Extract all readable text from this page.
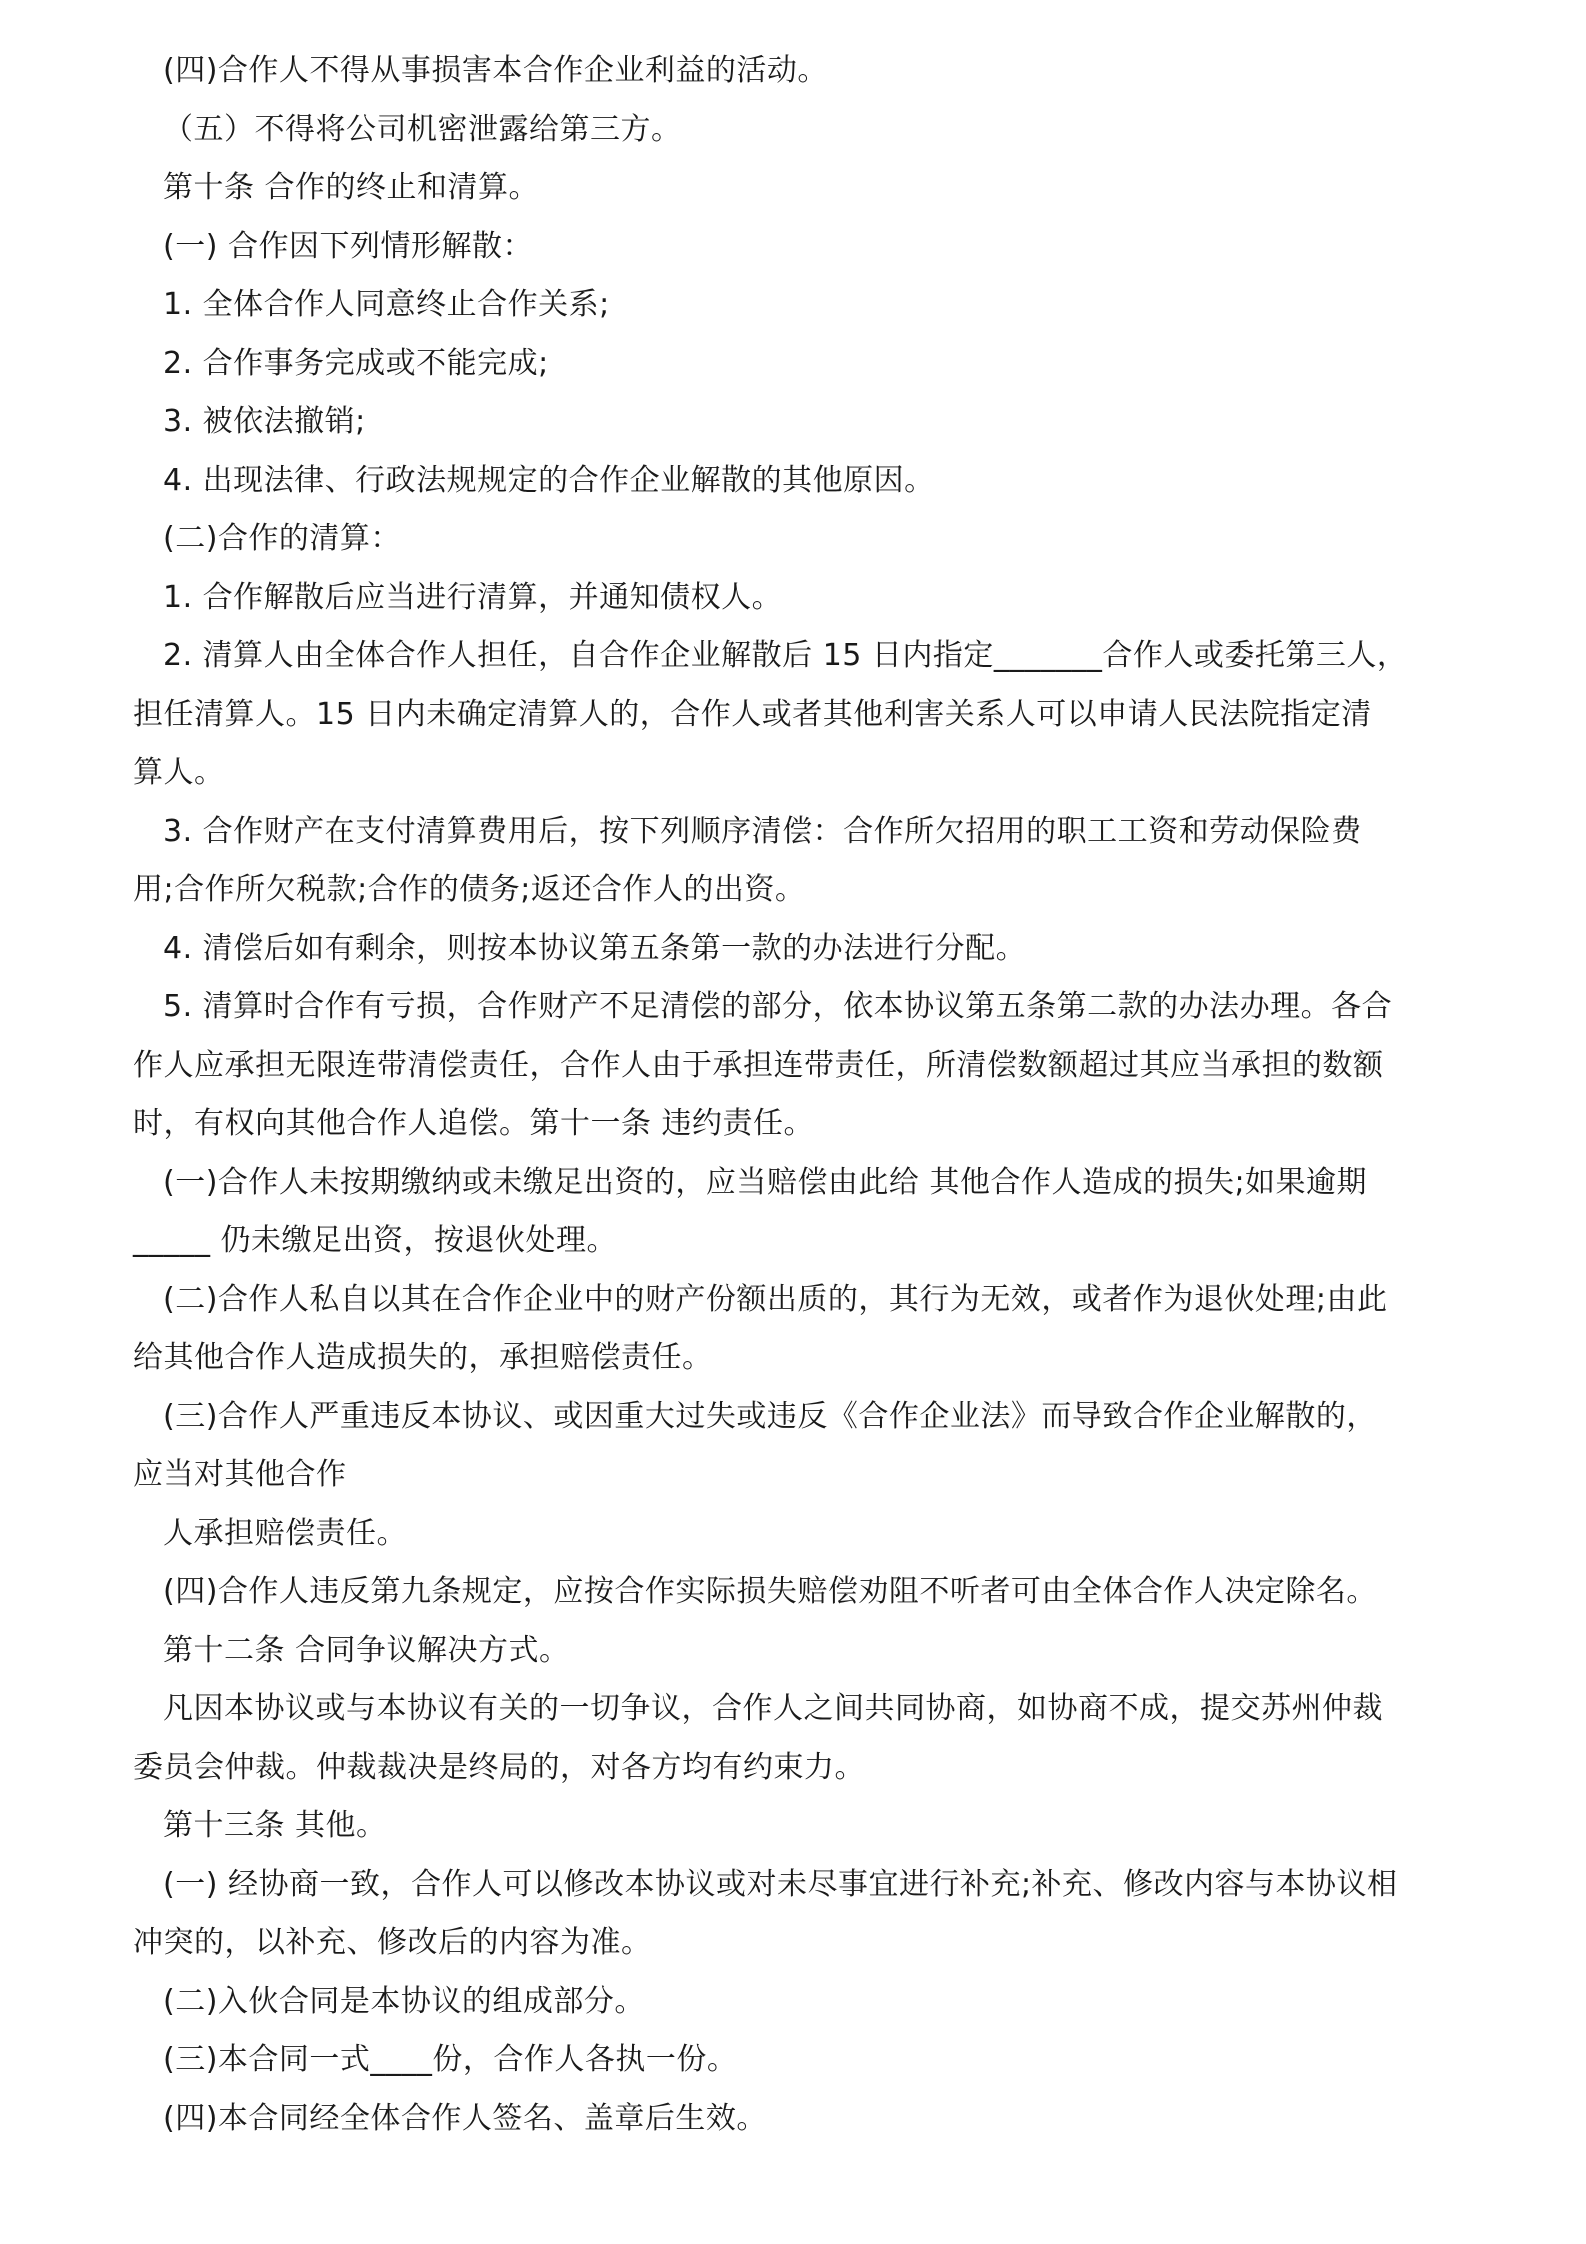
(四)合作人不得从事损害本合作企业利益的活动。

（五）不得将公司机密泄露给第三方。

第十条 合作的终止和清算。

(一) 合作因下列情形解散：

1. 全体合作人同意终止合作关系;

2. 合作事务完成或不能完成;

3. 被依法撤销;

4. 出现法律、行政法规规定的合作企业解散的其他原因。

(二)合作的清算：

1. 合作解散后应当进行清算，并通知债权人。

2. 清算人由全体合作人担任，自合作企业解散后 15 日内指定_______合作人或委托第三人，

担任清算人。15 日内未确定清算人的，合作人或者其他利害关系人可以申请人民法院指定清

算人。

3. 合作财产在支付清算费用后，按下列顺序清偿：合作所欠招用的职工工资和劳动保险费

用;合作所欠税款;合作的债务;返还合作人的出资。

4. 清偿后如有剩余，则按本协议第五条第一款的办法进行分配。

5. 清算时合作有亏损，合作财产不足清偿的部分，依本协议第五条第二款的办法办理。各合

作人应承担无限连带清偿责任，合作人由于承担连带责任，所清偿数额超过其应当承担的数额

时，有权向其他合作人追偿。第十一条 违约责任。

(一)合作人未按期缴纳或未缴足出资的，应当赔偿由此给 其他合作人造成的损失;如果逾期

_____ 仍未缴足出资，按退伙处理。

(二)合作人私自以其在合作企业中的财产份额出质的，其行为无效，或者作为退伙处理;由此

给其他合作人造成损失的，承担赔偿责任。

(三)合作人严重违反本协议、或因重大过失或违反《合作企业法》而导致合作企业解散的，

应当对其他合作

人承担赔偿责任。

(四)合作人违反第九条规定，应按合作实际损失赔偿劝阻不听者可由全体合作人决定除名。

第十二条 合同争议解决方式。

凡因本协议或与本协议有关的一切争议，合作人之间共同协商，如协商不成，提交苏州仲裁

委员会仲裁。仲裁裁决是终局的，对各方均有约束力。

第十三条 其他。

(一) 经协商一致，合作人可以修改本协议或对未尽事宜进行补充;补充、修改内容与本协议相

冲突的，以补充、修改后的内容为准。

(二)入伙合同是本协议的组成部分。

(三)本合同一式____份，合作人各执一份。

(四)本合同经全体合作人签名、盖章后生效。
